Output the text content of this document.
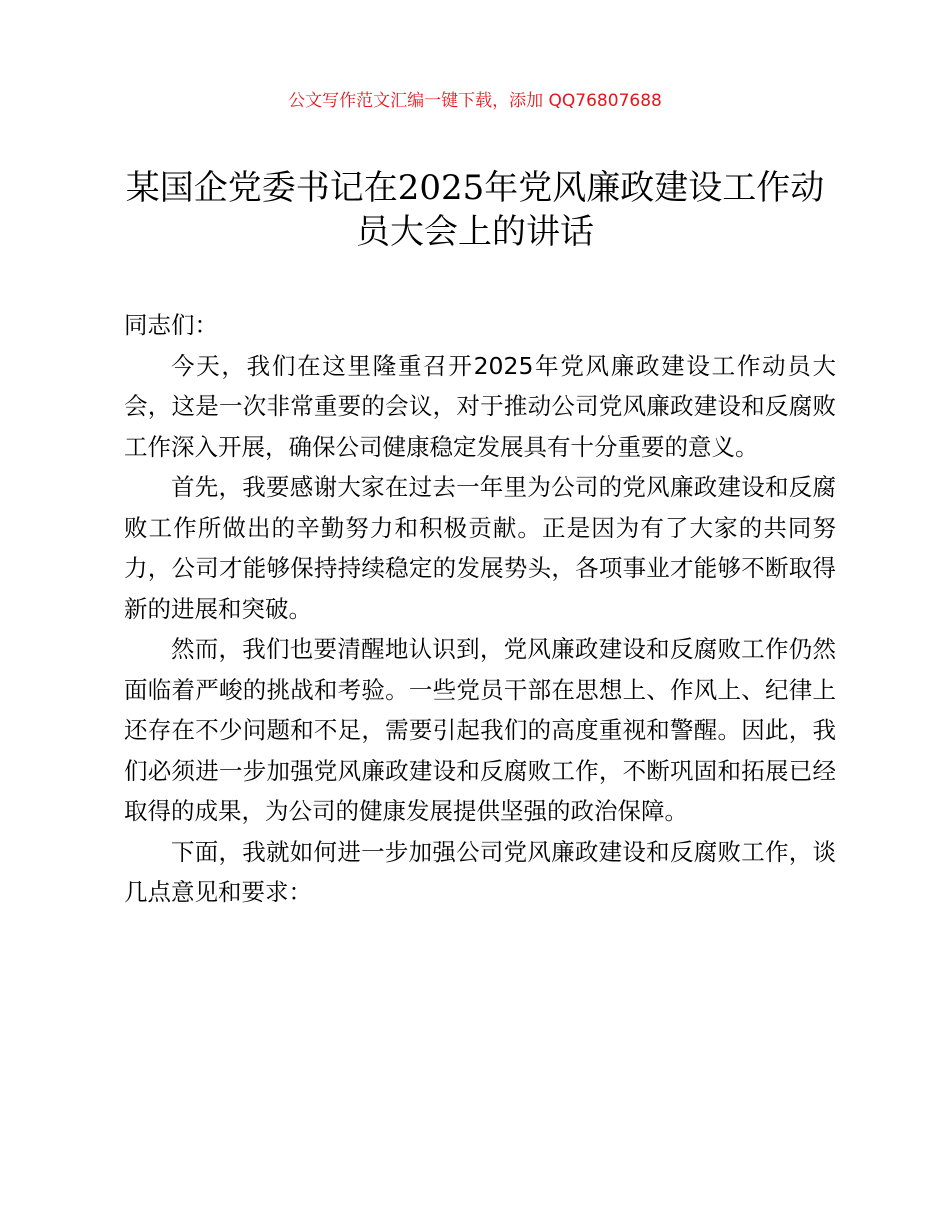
公文写作范文汇编一键下载，添加 QQ76807688
某国企党委书记在2025年党风廉政建设工作动员大会上的讲话

同志们：

今天，我们在这里隆重召开2025年党风廉政建设工作动员大会，这是一次非常重要的会议，对于推动公司党风廉政建设和反腐败工作深入开展，确保公司健康稳定发展具有十分重要的意义。

首先，我要感谢大家在过去一年里为公司的党风廉政建设和反腐败工作所做出的辛勤努力和积极贡献。正是因为有了大家的共同努力，公司才能够保持持续稳定的发展势头，各项事业才能够不断取得新的进展和突破。

然而，我们也要清醒地认识到，党风廉政建设和反腐败工作仍然面临着严峻的挑战和考验。一些党员干部在思想上、作风上、纪律上还存在不少问题和不足，需要引起我们的高度重视和警醒。因此，我们必须进一步加强党风廉政建设和反腐败工作，不断巩固和拓展已经取得的成果，为公司的健康发展提供坚强的政治保障。

下面，我就如何进一步加强公司党风廉政建设和反腐败工作，谈几点意见和要求：
